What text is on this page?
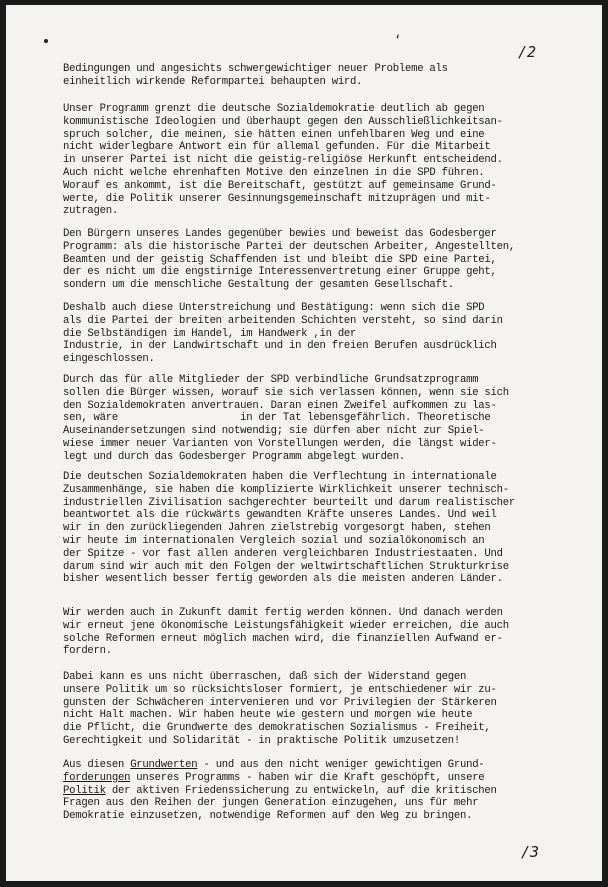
‘
/2

Bedingungen und angesichts schwergewichtiger neuer Probleme als
einheitlich wirkende Reformpartei behaupten wird.

Unser Programm grenzt die deutsche Sozialdemokratie deutlich ab gegen
kommunistische Ideologien und überhaupt gegen den Ausschließlichkeitsan-
spruch solcher, die meinen, sie hätten einen unfehlbaren Weg und eine
nicht widerlegbare Antwort ein für allemal gefunden. Für die Mitarbeit
in unserer Partei ist nicht die geistig-religiöse Herkunft entscheidend.
Auch nicht welche ehrenhaften Motive den einzelnen in die SPD führen.
Worauf es ankommt, ist die Bereitschaft, gestützt auf gemeinsame Grund-
werte, die Politik unserer Gesinnungsgemeinschaft mitzuprägen und mit-
zutragen.

Den Bürgern unseres Landes gegenüber bewies und beweist das Godesberger
Programm: als die historische Partei der deutschen Arbeiter, Angestellten,
Beamten und der geistig Schaffenden ist und bleibt die SPD eine Partei,
der es nicht um die engstirnige Interessenvertretung einer Gruppe geht,
sondern um die menschliche Gestaltung der gesamten Gesellschaft.

Deshalb auch diese Unterstreichung und Bestätigung: wenn sich die SPD
als die Partei der breiten arbeitenden Schichten versteht, so sind darin
die Selbständigen im Handel, im Handwerk ,in der
Industrie, in der Landwirtschaft und in den freien Berufen ausdrücklich
eingeschlossen.

Durch das für alle Mitglieder der SPD verbindliche Grundsatzprogramm
sollen die Bürger wissen, worauf sie sich verlassen können, wenn sie sich
den Sozialdemokraten anvertrauen. Daran einen Zweifel aufkommen zu las-
sen, wäre                    in der Tat lebensgefährlich. Theoretische
Auseinandersetzungen sind notwendig; sie dürfen aber nicht zur Spiel-
wiese immer neuer Varianten von Vorstellungen werden, die längst wider-
legt und durch das Godesberger Programm abgelegt wurden.

Die deutschen Sozialdemokraten haben die Verflechtung in internationale
Zusammenhänge, sie haben die komplizierte Wirklichkeit unserer technisch-
industriellen Zivilisation sachgerechter beurteilt und darum realistischer
beantwortet als die rückwärts gewandten Kräfte unseres Landes. Und weil
wir in den zurückliegenden Jahren zielstrebig vorgesorgt haben, stehen
wir heute im internationalen Vergleich sozial und sozialökonomisch an
der Spitze - vor fast allen anderen vergleichbaren Industriestaaten. Und
darum sind wir auch mit den Folgen der weltwirtschaftlichen Strukturkrise
bisher wesentlich besser fertig geworden als die meisten anderen Länder.

Wir werden auch in Zukunft damit fertig werden können. Und danach werden
wir erneut jene ökonomische Leistungsfähigkeit wieder erreichen, die auch
solche Reformen erneut möglich machen wird, die finanziellen Aufwand er-
fordern.

Dabei kann es uns nicht überraschen, daß sich der Widerstand gegen
unsere Politik um so rücksichtsloser formiert, je entschiedener wir zu-
gunsten der Schwächeren intervenieren und vor Privilegien der Stärkeren
nicht Halt machen. Wir haben heute wie gestern und morgen wie heute
die Pflicht, die Grundwerte des demokratischen Sozialismus - Freiheit,
Gerechtigkeit und Solidarität - in praktische Politik umzusetzen!

Aus diesen Grundwerten - und aus den nicht weniger gewichtigen Grund-
forderungen unseres Programms - haben wir die Kraft geschöpft, unsere
Politik der aktiven Friedenssicherung zu entwickeln, auf die kritischen
Fragen aus den Reihen der jungen Generation einzugehen, uns für mehr
Demokratie einzusetzen, notwendige Reformen auf den Weg zu bringen.

/3
